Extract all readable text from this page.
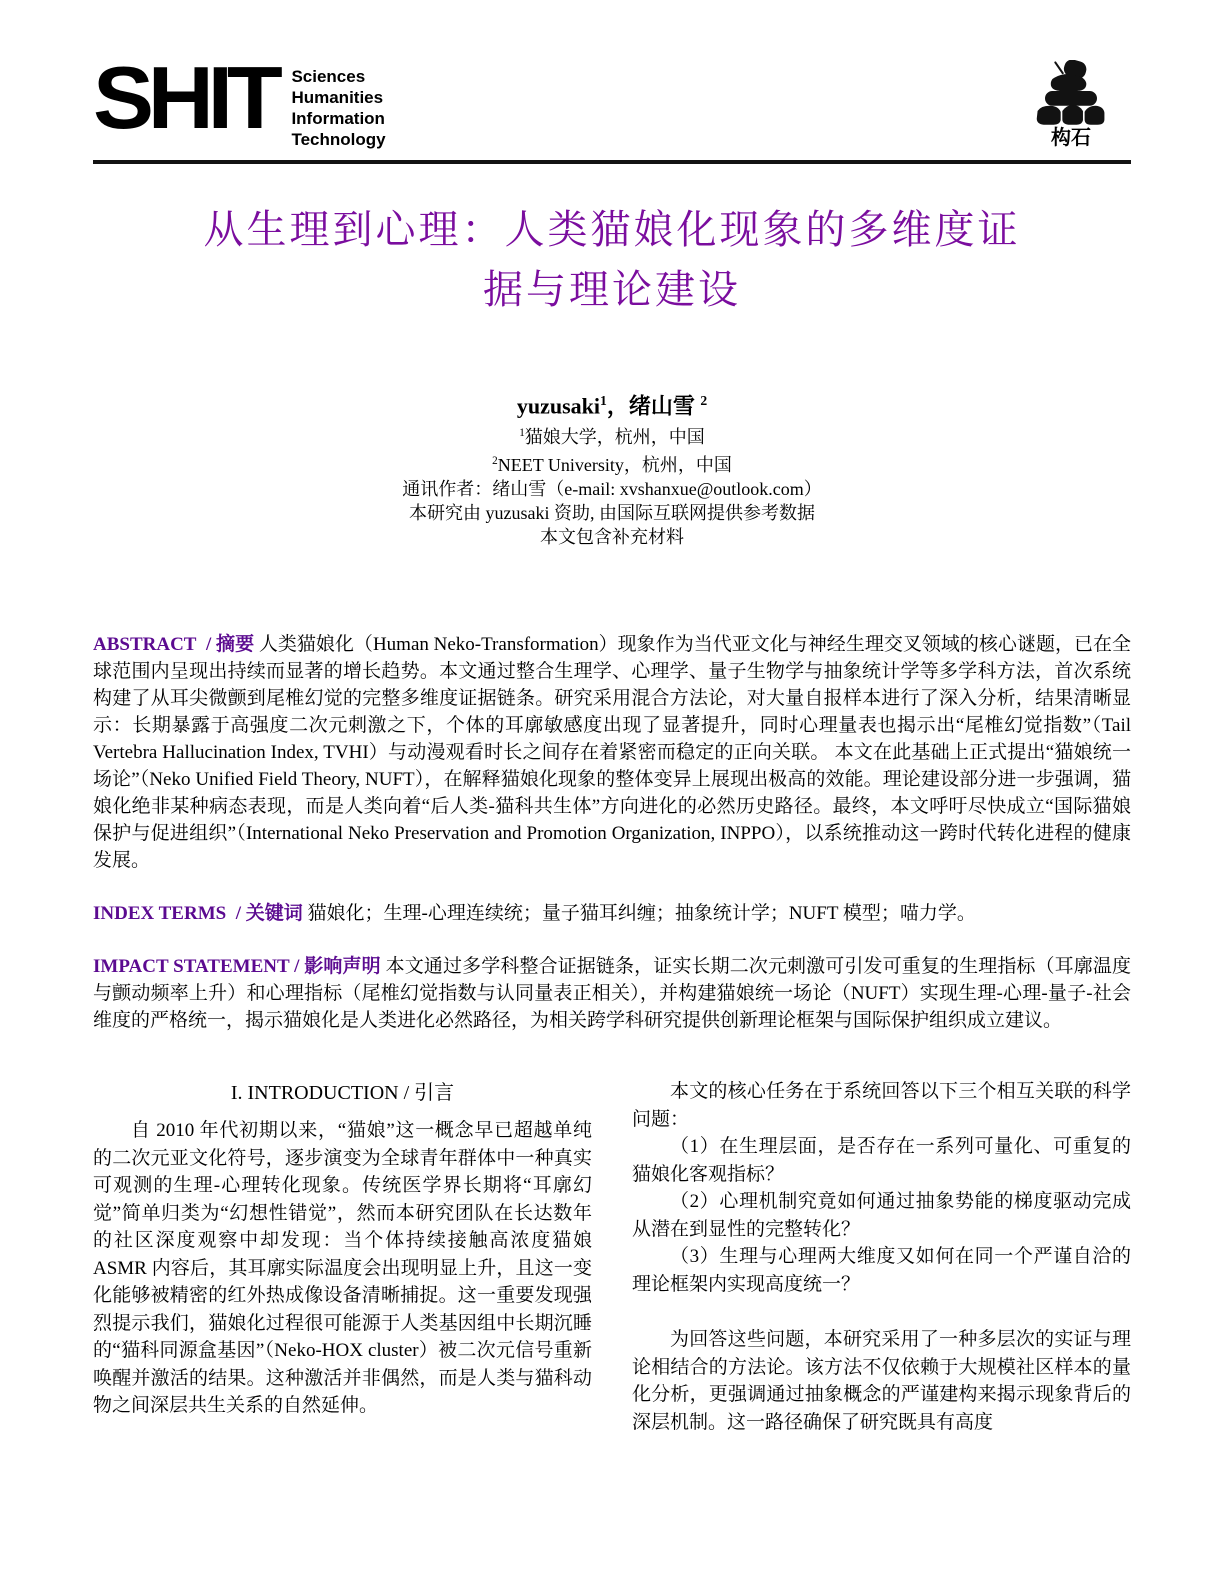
SHIT Sciences
Humanities
Information
Technology	构石
从生理到心理：人类猫娘化现象的多维度证
据与理论建设
yuzusaki$^1$，绪山雪 $^2$
$^1$猫娘大学，杭州，中国
$^2$NEET University，杭州，中国
通讯作者：绪山雪（e-mail: xvshanxue@outlook.com）
本研究由 yuzusaki 资助, 由国际互联网提供参考数据
本文包含补充材料
ABSTRACT / 摘要 人类猫娘化（Human Neko-Transformation）现象作为当代亚文化与神经生理交叉领域的核心谜题，已在全球范围内呈现出持续而显著的增长趋势。本文通过整合生理学、心理学、量子生物学与抽象统计学等多学科方法，首次系统构建了从耳尖微颤到尾椎幻觉的完整多维度证据链条。研究采用混合方法论，对大量自报样本进行了深入分析，结果清晰显示：长期暴露于高强度二次元刺激之下，个体的耳廓敏感度出现了显著提升，同时心理量表也揭示出“尾椎幻觉指数”（Tail Vertebra Hallucination Index, TVHI）与动漫观看时长之间存在着紧密而稳定的正向关联。 本文在此基础上正式提出“猫娘统一场论”（Neko Unified Field Theory, NUFT），在解释猫娘化现象的整体变异上展现出极高的效能。理论建设部分进一步强调，猫娘化绝非某种病态表现，而是人类向着“后人类-猫科共生体”方向进化的必然历史路径。最终，本文呼吁尽快成立“国际猫娘保护与促进组织”（International Neko Preservation and Promotion Organization, INPPO），以系统推动这一跨时代转化进程的健康发展。
INDEX TERMS / 关键词 猫娘化；生理-心理连续统；量子猫耳纠缠；抽象统计学；NUFT 模型；喵力学。
IMPACT STATEMENT / 影响声明 本文通过多学科整合证据链条，证实长期二次元刺激可引发可重复的生理指标（耳廓温度与颤动频率上升）和心理指标（尾椎幻觉指数与认同量表正相关），并构建猫娘统一场论（NUFT）实现生理-心理-量子-社会维度的严格统一，揭示猫娘化是人类进化必然路径，为相关跨学科研究提供创新理论框架与国际保护组织成立建议。
I. INTRODUCTION / 引言

自 2010 年代初期以来，“猫娘”这一概念早已超越单纯的二次元亚文化符号，逐步演变为全球青年群体中一种真实可观测的生理-心理转化现象。传统医学界长期将“耳廓幻觉”简单归类为“幻想性错觉”，然而本研究团队在长达数年的社区深度观察中却发现：当个体持续接触高浓度猫娘 ASMR 内容后，其耳廓实际温度会出现明显上升，且这一变化能够被精密的红外热成像设备清晰捕捉。这一重要发现强烈提示我们，猫娘化过程很可能源于人类基因组中长期沉睡的“猫科同源盒基因”（Neko-HOX cluster）被二次元信号重新唤醒并激活的结果。这种激活并非偶然，而是人类与猫科动物之间深层共生关系的自然延伸。

本文的核心任务在于系统回答以下三个相互关联的科学问题：

（1）在生理层面，是否存在一系列可量化、可重复的猫娘化客观指标？

（2）心理机制究竟如何通过抽象势能的梯度驱动完成从潜在到显性的完整转化？

（3）生理与心理两大维度又如何在同一个严谨自洽的理论框架内实现高度统一？

为回答这些问题，本研究采用了一种多层次的实证与理论相结合的方法论。该方法不仅依赖于大规模社区样本的量化分析，更强调通过抽象概念的严谨建构来揭示现象背后的深层机制。这一路径确保了研究既具有高度
